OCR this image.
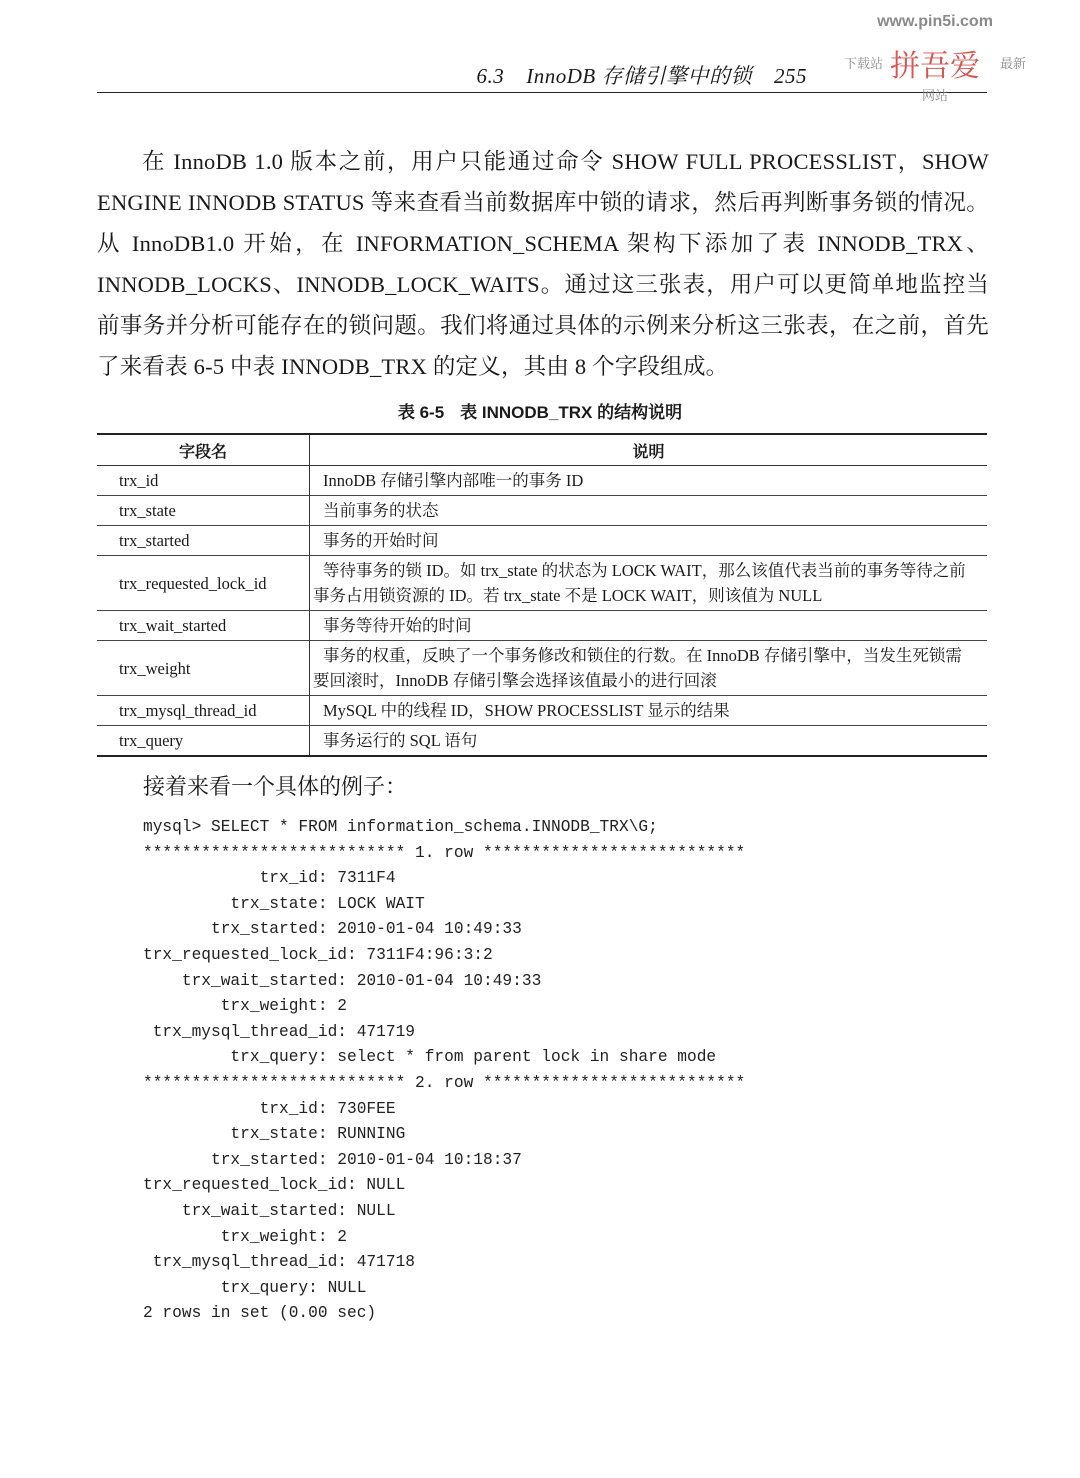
6.3 InnoDB 存储引擎中的锁 255
www.pin5i.com
下载站 拼吾爱 最新
网站
在 InnoDB 1.0 版本之前，用户只能通过命令 SHOW FULL PROCESSLIST，SHOW ENGINE INNODB STATUS 等来查看当前数据库中锁的请求，然后再判断事务锁的情况。从 InnoDB1.0 开始，在 INFORMATION_SCHEMA 架构下添加了表 INNODB_TRX、INNODB_LOCKS、INNODB_LOCK_WAITS。通过这三张表，用户可以更简单地监控当前事务并分析可能存在的锁问题。我们将通过具体的示例来分析这三张表，在之前，首先了来看表 6-5 中表 INNODB_TRX 的定义，其由 8 个字段组成。
表 6-5 表 INNODB_TRX 的结构说明
字段名	说明
trx_id	InnoDB 存储引擎内部唯一的事务 ID
trx_state	当前事务的状态
trx_started	事务的开始时间
trx_requested_lock_id	等待事务的锁 ID。如 trx_state 的状态为 LOCK WAIT，那么该值代表当前的事务等待之前事务占用锁资源的 ID。若 trx_state 不是 LOCK WAIT，则该值为 NULL
trx_wait_started	事务等待开始的时间
trx_weight	事务的权重，反映了一个事务修改和锁住的行数。在 InnoDB 存储引擎中，当发生死锁需要回滚时，InnoDB 存储引擎会选择该值最小的进行回滚
trx_mysql_thread_id	MySQL 中的线程 ID，SHOW PROCESSLIST 显示的结果
trx_query	事务运行的 SQL 语句
接着来看一个具体的例子：
mysql> SELECT * FROM information_schema.INNODB_TRX\G;
*************************** 1. row ***************************
trx_id: 7311F4
trx_state: LOCK WAIT
trx_started: 2010-01-04 10:49:33
trx_requested_lock_id: 7311F4:96:3:2
trx_wait_started: 2010-01-04 10:49:33
trx_weight: 2
trx_mysql_thread_id: 471719
trx_query: select * from parent lock in share mode
*************************** 2. row ***************************
trx_id: 730FEE
trx_state: RUNNING
trx_started: 2010-01-04 10:18:37
trx_requested_lock_id: NULL
trx_wait_started: NULL
trx_weight: 2
trx_mysql_thread_id: 471718
trx_query: NULL
2 rows in set (0.00 sec)
